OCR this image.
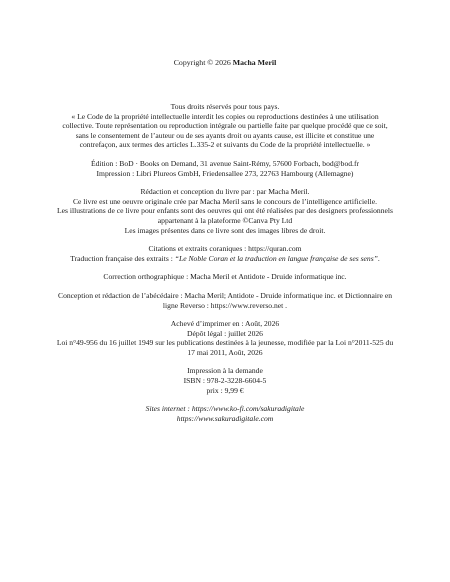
Copyright © 2026 Macha Meril

Tous droits réservés pour tous pays.

« Le Code de la propriété intellectuelle interdit les copies ou reproductions destinées à une utilisation

collective. Toute représentation ou reproduction intégrale ou partielle faite par quelque procédé que ce soit,

sans le consentement de l’auteur ou de ses ayants droit ou ayants cause, est illicite et constitue une

contrefaçon, aux termes des articles L.335-2 et suivants du Code de la propriété intellectuelle. »

Édition : BoD · Books on Demand, 31 avenue Saint-Rémy, 57600 Forbach, bod@bod.fr

Impression : Libri Plureos GmbH, Friedensallee 273, 22763 Hambourg (Allemagne)

Rédaction et conception du livre par : par Macha Meril.

Ce livre est une oeuvre originale crée par Macha Meril sans le concours de l’intelligence artificielle.

Les illustrations de ce livre pour enfants sont des oeuvres qui ont été réalisées par des designers professionnels

appartenant à la plateforme ©Canva Pty Ltd

Les images présentes dans ce livre sont des images libres de droit.

Citations et extraits coraniques : https://quran.com

Traduction française des extraits : “Le Noble Coran et la traduction en langue française de ses sens”.

Correction orthographique : Macha Meril et Antidote - Druide informatique inc.

Conception et rédaction de l’abécédaire : Macha Meril; Antidote - Druide informatique inc. et Dictionnaire en

ligne Reverso : https://www.reverso.net .

Achevé d’imprimer en : Août, 2026

Dépôt légal : juillet 2026

Loi n°49-956 du 16 juillet 1949 sur les publications destinées à la jeunesse, modifiée par la Loi n°2011-525 du

17 mai 2011, Août, 2026

Impression à la demande

ISBN : 978-2-3228-6604-5

prix : 9,99 €

Sites internet : https://www.ko-fi.com/sakuradigitale

https://www.sakuradigitale.com
